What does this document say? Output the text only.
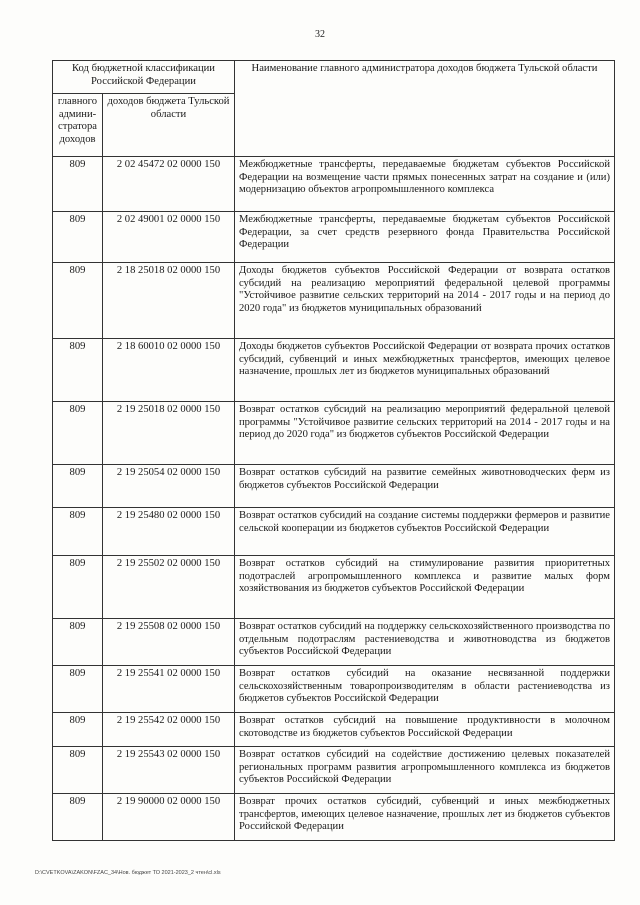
32
Код бюджетной классификации Российской Федерации		Наименование главного администратора доходов бюджета Тульской области
главного админи-стратора доходов	доходов бюджета Тульской области	
809	2 02 45472 02 0000 150	Межбюджетные трансферты, передаваемые бюджетам субъектов Российской Федерации на возмещение части прямых понесенных затрат на создание и (или) модернизацию объектов агропромышленного комплекса
809	2 02 49001 02 0000 150	Межбюджетные трансферты, передаваемые бюджетам субъектов Российской Федерации, за счет средств резервного фонда Правительства Российской Федерации
809	2 18 25018 02 0000 150	Доходы бюджетов субъектов Российской Федерации от возврата остатков субсидий на реализацию мероприятий федеральной целевой программы "Устойчивое развитие сельских территорий на 2014 - 2017 годы и на период до 2020 года" из бюджетов муниципальных образований
809	2 18 60010 02 0000 150	Доходы бюджетов субъектов Российской Федерации от возврата прочих остатков субсидий, субвенций и иных межбюджетных трансфертов, имеющих целевое назначение, прошлых лет из бюджетов муниципальных образований
809	2 19 25018 02 0000 150	Возврат остатков субсидий на реализацию мероприятий федеральной целевой программы "Устойчивое развитие сельских территорий на 2014 - 2017 годы и на период до 2020 года" из бюджетов субъектов Российской Федерации
809	2 19 25054 02 0000 150	Возврат остатков субсидий на развитие семейных животноводческих ферм из бюджетов субъектов Российской Федерации
809	2 19 25480 02 0000 150	Возврат остатков субсидий на создание системы поддержки фермеров и развитие сельской кооперации из бюджетов субъектов Российской Федерации
809	2 19 25502 02 0000 150	Возврат остатков субсидий на стимулирование развития приоритетных подотраслей агропромышленного комплекса и развитие малых форм хозяйствования из бюджетов субъектов Российской Федерации
809	2 19 25508 02 0000 150	Возврат остатков субсидий на поддержку сельскохозяйственного производства по отдельным подотраслям растениеводства и животноводства из бюджетов субъектов Российской Федерации
809	2 19 25541 02 0000 150	Возврат остатков субсидий на оказание несвязанной поддержки сельскохозяйственным товаропроизводителям в области растениеводства из бюджетов субъектов Российской Федерации
809	2 19 25542 02 0000 150	Возврат остатков субсидий на повышение продуктивности в молочном скотоводстве из бюджетов субъектов Российской Федерации
809	2 19 25543 02 0000 150	Возврат остатков субсидий на содействие достижению целевых показателей региональных программ развития агропромышленного комплекса из бюджетов субъектов Российской Федерации
809	2 19 90000 02 0000 150	Возврат прочих остатков субсидий, субвенций и иных межбюджетных трансфертов, имеющих целевое назначение, прошлых лет из бюджетов субъектов Российской Федерации
D:\CVETKOVA\ZAKON\FZAC_34\Нов. бюджет ТО 2021-2023_2 чтен\cl.xls
